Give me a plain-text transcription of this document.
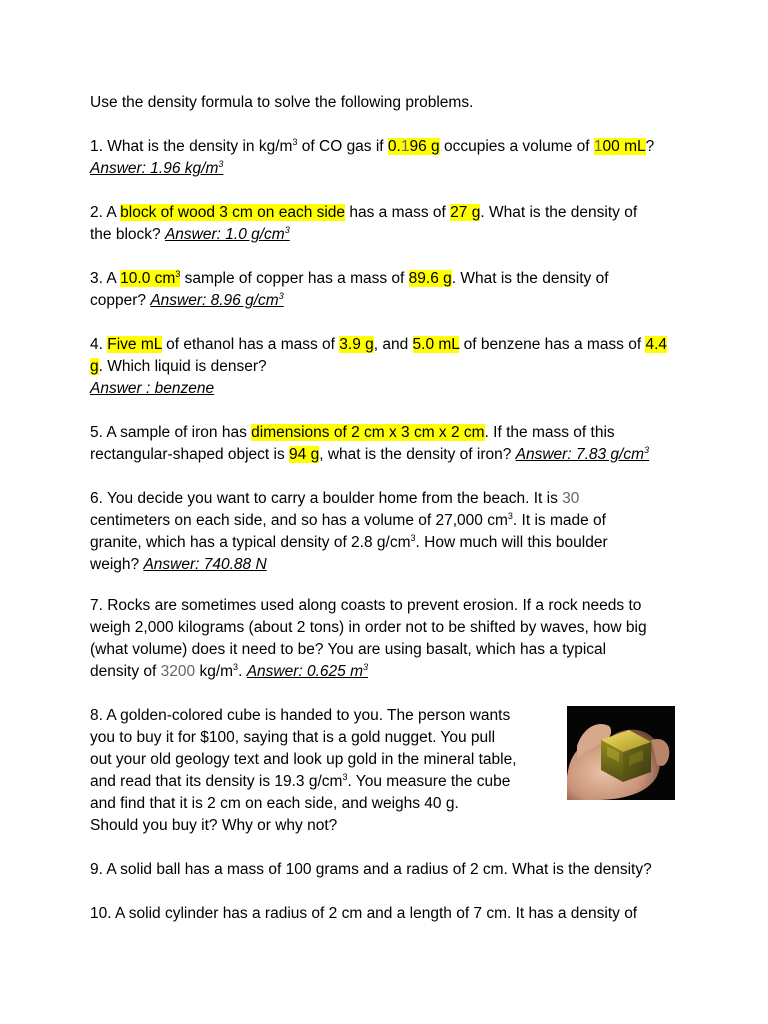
Use the density formula to solve the following problems.
1. What is the density in $kg/m^3$ of CO gas if 0.196 g occupies a volume of 100 mL?
Answer: 1.96 $kg/m^3$
2. A block of wood 3 cm on each side has a mass of 27 g. What is the density of
the block? Answer: 1.0 $g/cm^3$
3. A 10.0 $cm^3$ sample of copper has a mass of 89.6 g. What is the density of
copper? Answer: 8.96 $g/cm^3$
4. Five mL of ethanol has a mass of 3.9 g, and 5.0 mL of benzene has a mass of 4.4
g. Which liquid is denser?
Answer : benzene
5. A sample of iron has dimensions of 2 cm x 3 cm x 2 cm. If the mass of this
rectangular-shaped object is 94 g, what is the density of iron? Answer: 7.83 $g/cm^3$
6. You decide you want to carry a boulder home from the beach. It is 30
centimeters on each side, and so has a volume of 27,000 $cm^3$. It is made of
granite, which has a typical density of 2.8 $g/cm^3$. How much will this boulder
weigh? Answer: 740.88 N
7. Rocks are sometimes used along coasts to prevent erosion. If a rock needs to
weigh 2,000 kilograms (about 2 tons) in order not to be shifted by waves, how big
(what volume) does it need to be? You are using basalt, which has a typical
density of 3200 $kg/m^3$. Answer: 0.625 $m^3$
8. A golden-colored cube is handed to you. The person wants
you to buy it for $100, saying that is a gold nugget. You pull
out your old geology text and look up gold in the mineral table,
and read that its density is 19.3 $g/cm^3$. You measure the cube
and find that it is 2 cm on each side, and weighs 40 g.
Should you buy it? Why or why not?
9. A solid ball has a mass of 100 grams and a radius of 2 cm. What is the density?
10. A solid cylinder has a radius of 2 cm and a length of 7 cm. It has a density of
